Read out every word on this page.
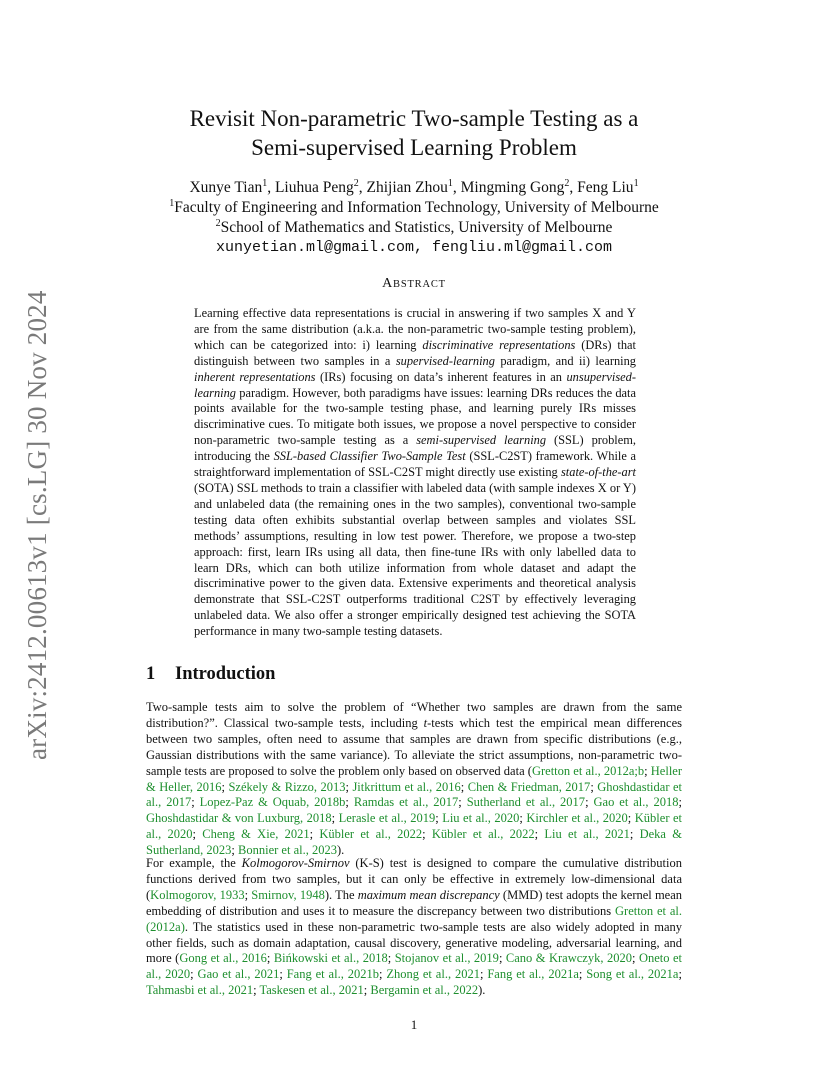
arXiv:2412.00613v1 [cs.LG] 30 Nov 2024
Revisit Non-parametric Two-sample Testing as a
Semi-supervised Learning Problem
Xunye Tian$^1$, Liuhua Peng$^2$, Zhijian Zhou$^1$, Mingming Gong$^2$, Feng Liu$^1$
$^1$Faculty of Engineering and Information Technology, University of Melbourne
$^2$School of Mathematics and Statistics, University of Melbourne
xunyetian.ml@gmail.com, fengliu.ml@gmail.com
ABSTRACT
Learning effective data representations is crucial in answering if two samples X and Y are from the same distribution (a.k.a. the non-parametric two-sample testing problem), which can be categorized into: i) learning discriminative representations (DRs) that distinguish between two samples in a supervised-learning paradigm, and ii) learning inherent representations (IRs) focusing on data’s inherent features in an unsupervised-learning paradigm. However, both paradigms have issues: learning DRs reduces the data points available for the two-sample testing phase, and learning purely IRs misses discriminative cues. To mitigate both issues, we propose a novel perspective to consider non-parametric two-sample testing as a semi-supervised learning (SSL) problem, introducing the SSL-based Classifier Two-Sample Test (SSL-C2ST) framework. While a straightforward implementation of SSL-C2ST might directly use existing state-of-the-art (SOTA) SSL methods to train a classifier with labeled data (with sample indexes X or Y) and unlabeled data (the remaining ones in the two samples), conventional two-sample testing data often exhibits substantial overlap between samples and violates SSL methods’ assumptions, resulting in low test power. Therefore, we propose a two-step approach: first, learn IRs using all data, then fine-tune IRs with only labelled data to learn DRs, which can both utilize information from whole dataset and adapt the discriminative power to the given data. Extensive experiments and theoretical analysis demonstrate that SSL-C2ST outperforms traditional C2ST by effectively leveraging unlabeled data. We also offer a stronger empirically designed test achieving the SOTA performance in many two-sample testing datasets.
1 Introduction
Two-sample tests aim to solve the problem of “Whether two samples are drawn from the same distribution?”. Classical two-sample tests, including t-tests which test the empirical mean differences between two samples, often need to assume that samples are drawn from specific distributions (e.g., Gaussian distributions with the same variance). To alleviate the strict assumptions, non-parametric two-sample tests are proposed to solve the problem only based on observed data (Gretton et al., 2012a;b; Heller & Heller, 2016; Székely & Rizzo, 2013; Jitkrittum et al., 2016; Chen & Friedman, 2017; Ghoshdastidar et al., 2017; Lopez-Paz & Oquab, 2018b; Ramdas et al., 2017; Sutherland et al., 2017; Gao et al., 2018; Ghoshdastidar & von Luxburg, 2018; Lerasle et al., 2019; Liu et al., 2020; Kirchler et al., 2020; Kübler et al., 2020; Cheng & Xie, 2021; Kübler et al., 2022; Kübler et al., 2022; Liu et al., 2021; Deka & Sutherland, 2023; Bonnier et al., 2023).
For example, the Kolmogorov-Smirnov (K-S) test is designed to compare the cumulative distribution functions derived from two samples, but it can only be effective in extremely low-dimensional data (Kolmogorov, 1933; Smirnov, 1948). The maximum mean discrepancy (MMD) test adopts the kernel mean embedding of distribution and uses it to measure the discrepancy between two distributions Gretton et al. (2012a). The statistics used in these non-parametric two-sample tests are also widely adopted in many other fields, such as domain adaptation, causal discovery, generative modeling, adversarial learning, and more (Gong et al., 2016; Bińkowski et al., 2018; Stojanov et al., 2019; Cano & Krawczyk, 2020; Oneto et al., 2020; Gao et al., 2021; Fang et al., 2021b; Zhong et al., 2021; Fang et al., 2021a; Song et al., 2021a; Tahmasbi et al., 2021; Taskesen et al., 2021; Bergamin et al., 2022).
1
